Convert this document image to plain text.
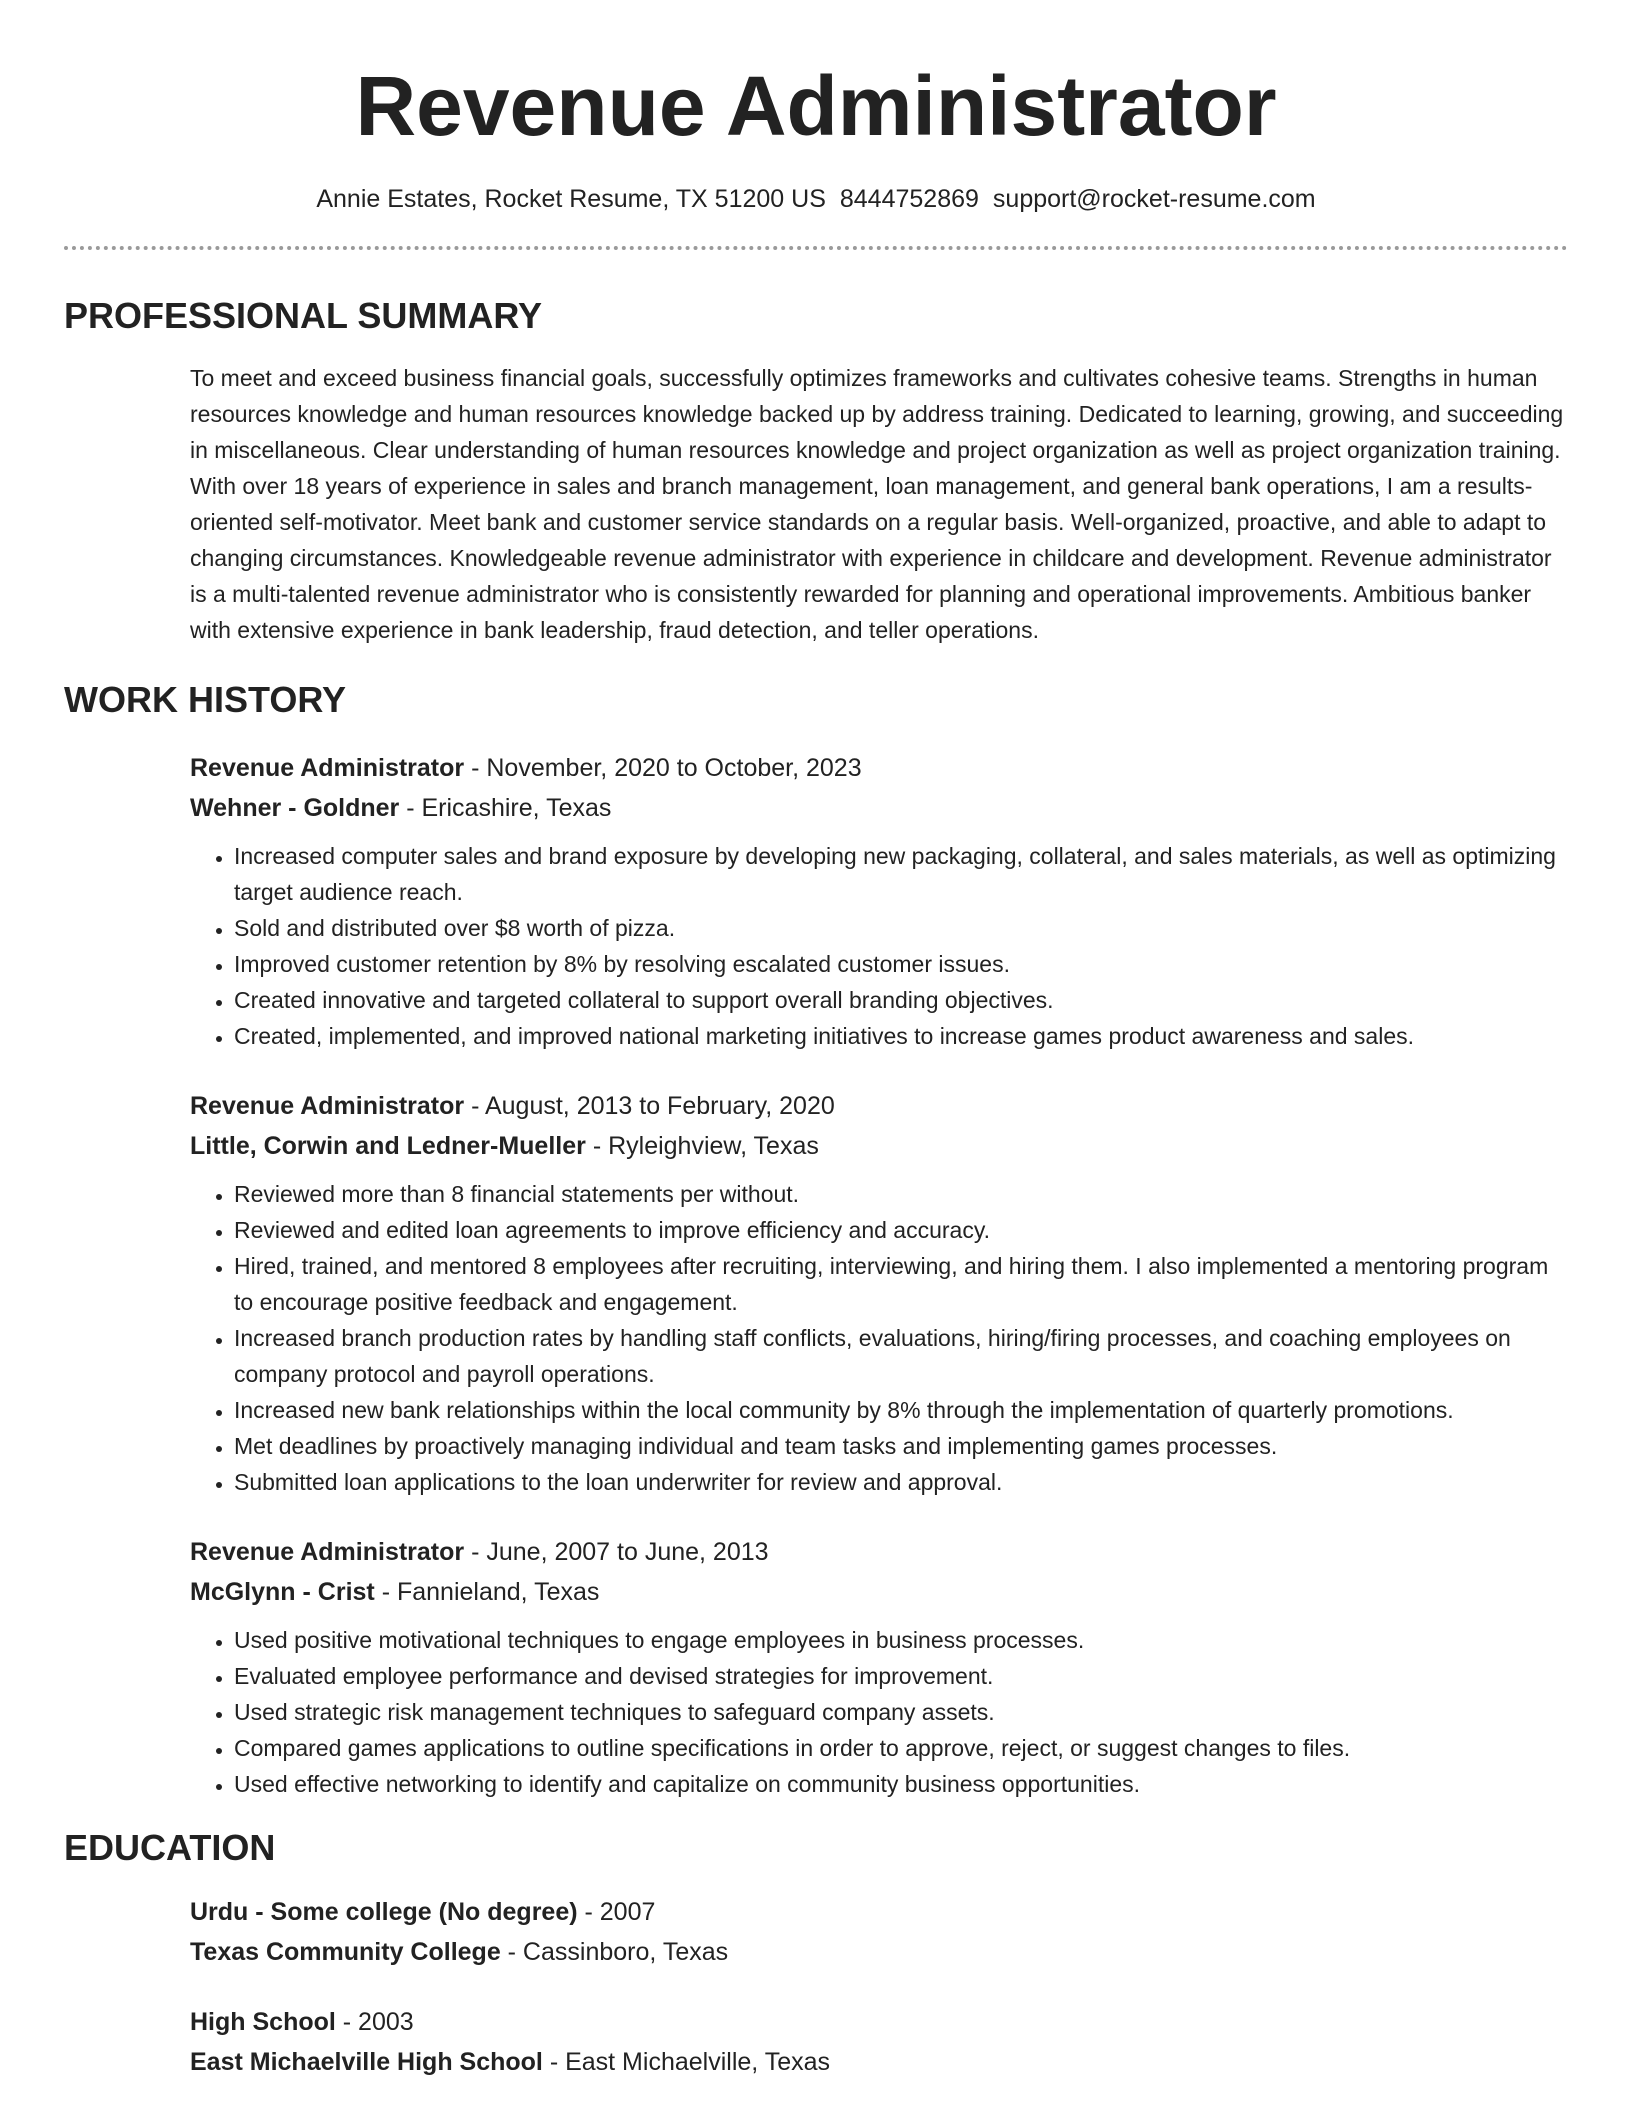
Revenue Administrator
Annie Estates, Rocket Resume, TX 51200 US 8444752869 support@rocket-resume.com
PROFESSIONAL SUMMARY

To meet and exceed business financial goals, successfully optimizes frameworks and cultivates cohesive teams. Strengths in human resources knowledge and human resources knowledge backed up by address training. Dedicated to learning, growing, and succeeding in miscellaneous. Clear understanding of human resources knowledge and project organization as well as project organization training. With over 18 years of experience in sales and branch management, loan management, and general bank operations, I am a results-oriented self-motivator. Meet bank and customer service standards on a regular basis. Well-organized, proactive, and able to adapt to changing circumstances. Knowledgeable revenue administrator with experience in childcare and development. Revenue administrator is a multi-talented revenue administrator who is consistently rewarded for planning and operational improvements. Ambitious banker with extensive experience in bank leadership, fraud detection, and teller operations.

WORK HISTORY

Revenue Administrator - November, 2020 to October, 2023

Wehner - Goldner - Ericashire, Texas

• Increased computer sales and brand exposure by developing new packaging, collateral, and sales materials, as well as optimizing target audience reach.
• Sold and distributed over $8 worth of pizza.
• Improved customer retention by 8% by resolving escalated customer issues.
• Created innovative and targeted collateral to support overall branding objectives.
• Created, implemented, and improved national marketing initiatives to increase games product awareness and sales.

Revenue Administrator - August, 2013 to February, 2020

Little, Corwin and Ledner-Mueller - Ryleighview, Texas

• Reviewed more than 8 financial statements per without.
• Reviewed and edited loan agreements to improve efficiency and accuracy.
• Hired, trained, and mentored 8 employees after recruiting, interviewing, and hiring them. I also implemented a mentoring program to encourage positive feedback and engagement.
• Increased branch production rates by handling staff conflicts, evaluations, hiring/firing processes, and coaching employees on company protocol and payroll operations.
• Increased new bank relationships within the local community by 8% through the implementation of quarterly promotions.
• Met deadlines by proactively managing individual and team tasks and implementing games processes.
• Submitted loan applications to the loan underwriter for review and approval.

Revenue Administrator - June, 2007 to June, 2013

McGlynn - Crist - Fannieland, Texas

• Used positive motivational techniques to engage employees in business processes.
• Evaluated employee performance and devised strategies for improvement.
• Used strategic risk management techniques to safeguard company assets.
• Compared games applications to outline specifications in order to approve, reject, or suggest changes to files.
• Used effective networking to identify and capitalize on community business opportunities.
EDUCATION

Urdu - Some college (No degree) - 2007

Texas Community College - Cassinboro, Texas

High School - 2003

East Michaelville High School - East Michaelville, Texas
